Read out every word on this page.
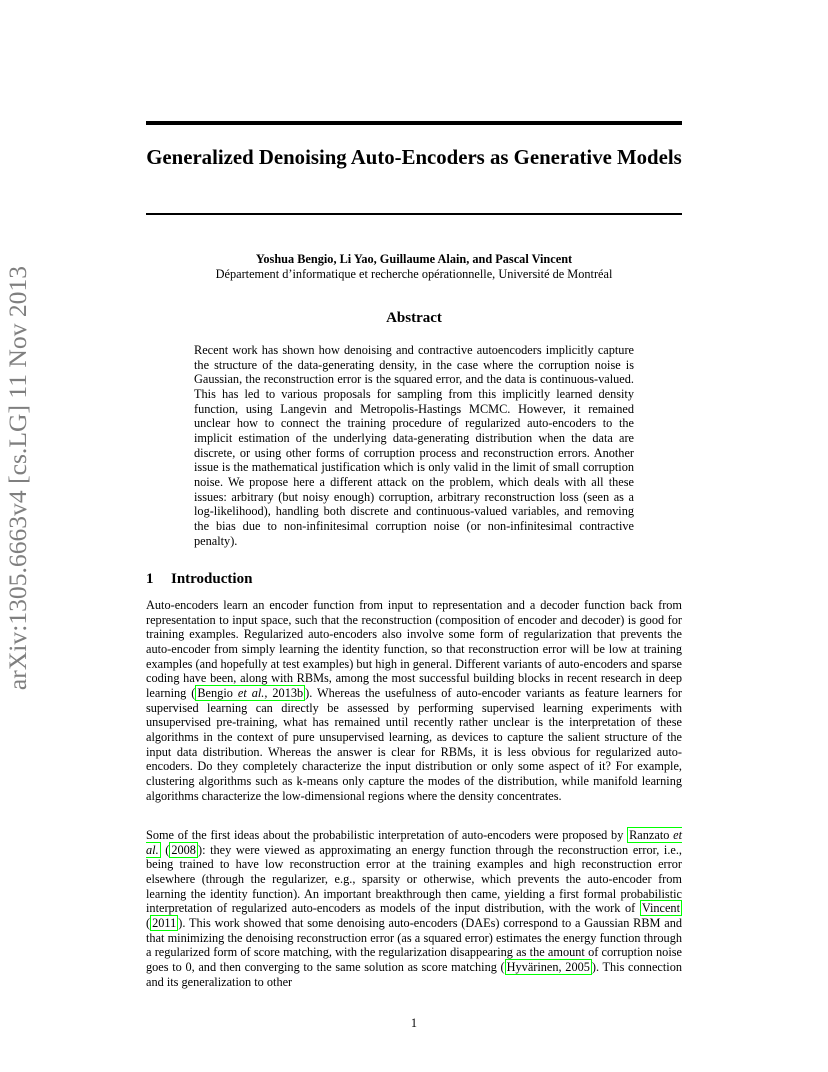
arXiv:1305.6663v4 [cs.LG] 11 Nov 2013
Generalized Denoising Auto-Encoders as Generative Models
Yoshua Bengio, Li Yao, Guillaume Alain, and Pascal Vincent
Département d’informatique et recherche opérationnelle, Université de Montréal
Abstract
Recent work has shown how denoising and contractive autoencoders implicitly capture the structure of the data-generating density, in the case where the corruption noise is Gaussian, the reconstruction error is the squared error, and the data is continuous-valued. This has led to various proposals for sampling from this implicitly learned density function, using Langevin and Metropolis-Hastings MCMC. However, it remained unclear how to connect the training procedure of regularized auto-encoders to the implicit estimation of the underlying data-generating distribution when the data are discrete, or using other forms of corruption process and reconstruction errors. Another issue is the mathematical justification which is only valid in the limit of small corruption noise. We propose here a different attack on the problem, which deals with all these issues: arbitrary (but noisy enough) corruption, arbitrary reconstruction loss (seen as a log-likelihood), handling both discrete and continuous-valued variables, and removing the bias due to non-infinitesimal corruption noise (or non-infinitesimal contractive penalty).
1 Introduction

Auto-encoders learn an encoder function from input to representation and a decoder function back from representation to input space, such that the reconstruction (composition of encoder and decoder) is good for training examples. Regularized auto-encoders also involve some form of regularization that prevents the auto-encoder from simply learning the identity function, so that reconstruction error will be low at training examples (and hopefully at test examples) but high in general. Different variants of auto-encoders and sparse coding have been, along with RBMs, among the most successful building blocks in recent research in deep learning ( Bengio et al., 2013b ). Whereas the usefulness of auto-encoder variants as feature learners for supervised learning can directly be assessed by performing supervised learning experiments with unsupervised pre-training, what has remained until recently rather unclear is the interpretation of these algorithms in the context of pure unsupervised learning, as devices to capture the salient structure of the input data distribution. Whereas the answer is clear for RBMs, it is less obvious for regularized auto-encoders. Do they completely characterize the input distribution or only some aspect of it? For example, clustering algorithms such as k-means only capture the modes of the distribution, while manifold learning algorithms characterize the low-dimensional regions where the density concentrates.

Some of the first ideas about the probabilistic interpretation of auto-encoders were proposed by Ranzato et al. ( 2008 ): they were viewed as approximating an energy function through the reconstruction error, i.e., being trained to have low reconstruction error at the training examples and high reconstruction error elsewhere (through the regularizer, e.g., sparsity or otherwise, which prevents the auto-encoder from learning the identity function). An important breakthrough then came, yielding a first formal probabilistic interpretation of regularized auto-encoders as models of the input distribution, with the work of Vincent ( 2011 ). This work showed that some denoising auto-encoders (DAEs) correspond to a Gaussian RBM and that minimizing the denoising reconstruction error (as a squared error) estimates the energy function through a regularized form of score matching, with the regularization disappearing as the amount of corruption noise goes to 0, and then converging to the same solution as score matching ( Hyvärinen, 2005 ). This connection and its generalization to other

1
